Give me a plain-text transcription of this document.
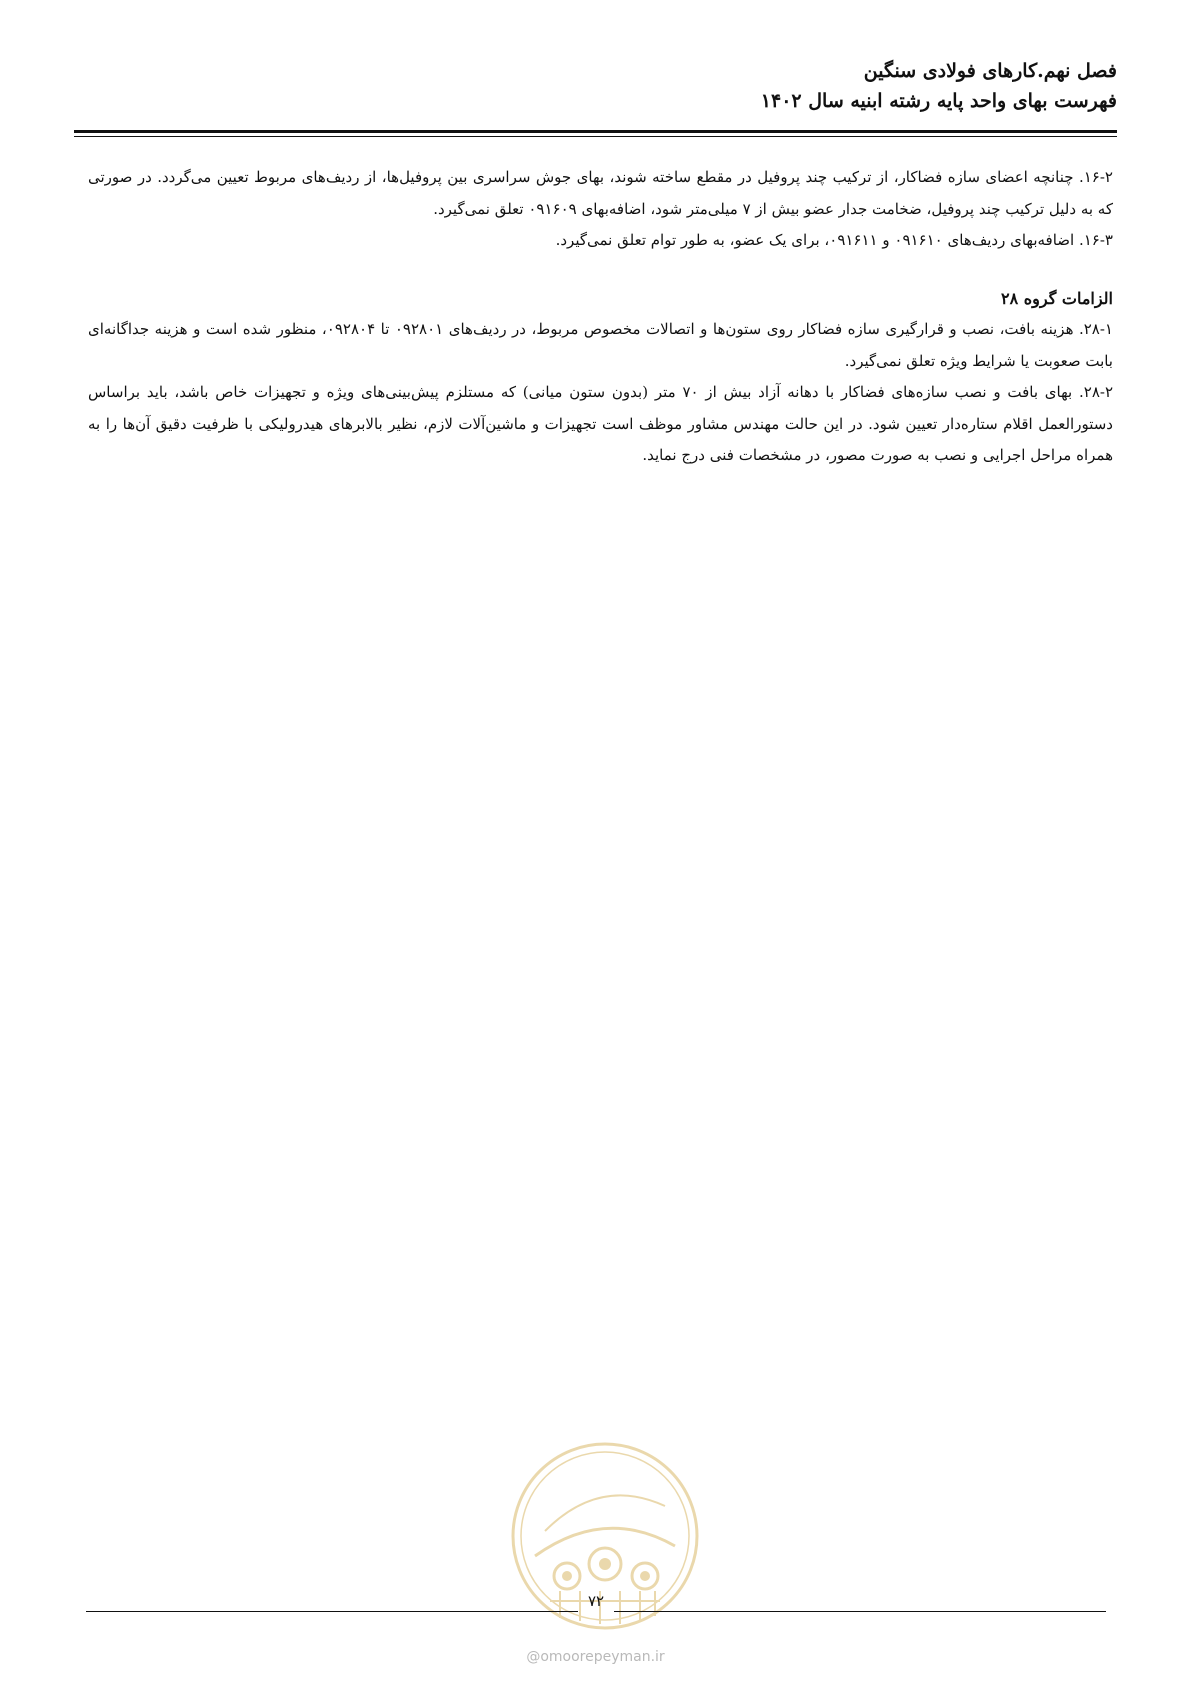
فصل نهم.کارهای فولادی سنگین
فهرست بهای واحد پایه رشته ابنیه سال ۱۴۰۲

۱۶-۲. چنانچه اعضای سازه فضاکار، از ترکیب چند پروفیل در مقطع ساخته شوند، بهای جوش سراسری بین پروفیل‌ها، از ردیف‌های مربوط تعیین می‌گردد. در صورتی که به دلیل ترکیب چند پروفیل، ضخامت جدار عضو بیش از ۷ میلی‌متر شود، اضافه‌بهای ۰۹۱۶۰۹ تعلق نمی‌گیرد.

۱۶-۳. اضافه‌بهای ردیف‌های ۰۹۱۶۱۰ و ۰۹۱۶۱۱، برای یک عضو، به طور توام تعلق نمی‌گیرد.

الزامات گروه ۲۸

۲۸-۱. هزینه بافت، نصب و قرارگیری سازه فضاکار روی ستون‌ها و اتصالات مخصوص مربوط، در ردیف‌های ۰۹۲۸۰۱ تا ۰۹۲۸۰۴، منظور شده است و هزینه جداگانه‌ای بابت صعوبت یا شرایط ویژه تعلق نمی‌گیرد.

۲۸-۲. بهای بافت و نصب سازه‌های فضاکار با دهانه آزاد بیش از ۷۰ متر (بدون ستون میانی) که مستلزم پیش‌بینی‌های ویژه و تجهیزات خاص باشد، باید براساس دستورالعمل اقلام ستاره‌دار تعیین شود. در این حالت مهندس مشاور موظف است تجهیزات و ماشین‌آلات لازم، نظیر بالابرهای هیدرولیکی با ظرفیت دقیق آن‌ها را به همراه مراحل اجرایی و نصب به صورت مصور، در مشخصات فنی درج نماید.

۷۲
@omoorepeyman.ir
